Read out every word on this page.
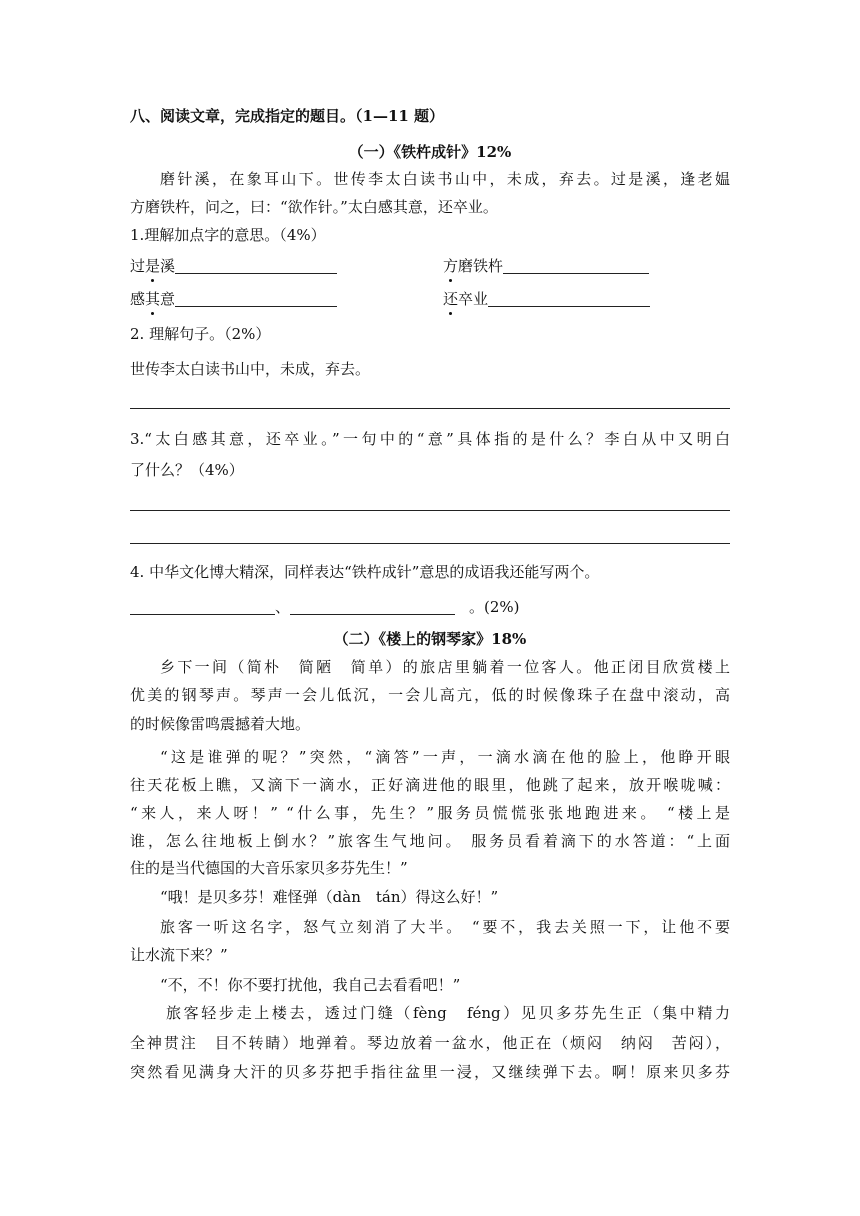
八、阅读文章，完成指定的题目。（1—11 题）
（一）《铁杵成针》12%
磨针溪，在象耳山下。世传李太白读书山中，未成，弃去。过是溪，逢老媪
方磨铁杵，问之，曰：“欲作针。”太白感其意，还卒业。
1.理解加点字的意思。（4%）
过是溪	方磨铁杵
感其意	还卒业
2. 理解句子。（2%）
世传李太白读书山中，未成，弃去。
3.“太白感其意，还卒业。”一句中的“意”具体指的是什么？李白从中又明白
了什么？（4%）
4. 中华文化博大精深，同样表达“铁杵成针”意思的成语我还能写两个。
、	。(2%)
（二）《楼上的钢琴家》18%
乡下一间（简朴　简陋　简单）的旅店里躺着一位客人。他正闭目欣赏楼上
优美的钢琴声。琴声一会儿低沉，一会儿高亢，低的时候像珠子在盘中滚动，高
的时候像雷鸣震撼着大地。
“这是谁弹的呢？”突然，“滴答”一声，一滴水滴在他的脸上，他睁开眼
往天花板上瞧，又滴下一滴水，正好滴进他的眼里，他跳了起来，放开喉咙喊：
“来人，来人呀！” “什么事，先生？”服务员慌慌张张地跑进来。 “楼上是
谁，怎么往地板上倒水？”旅客生气地问。 服务员看着滴下的水答道：“上面
住的是当代德国的大音乐家贝多芬先生！”
“哦！是贝多芬！难怪弹（dàn　tán）得这么好！”
旅客一听这名字，怒气立刻消了大半。 “要不，我去关照一下，让他不要
让水流下来？”
“不，不！你不要打扰他，我自己去看看吧！”
旅客轻步走上楼去，透过门缝（fèng　féng）见贝多芬先生正（集中精力
全神贯注　目不转睛）地弹着。琴边放着一盆水，他正在（烦闷　纳闷　苦闷），
突然看见满身大汗的贝多芬把手指往盆里一浸，又继续弹下去。啊！原来贝多芬
